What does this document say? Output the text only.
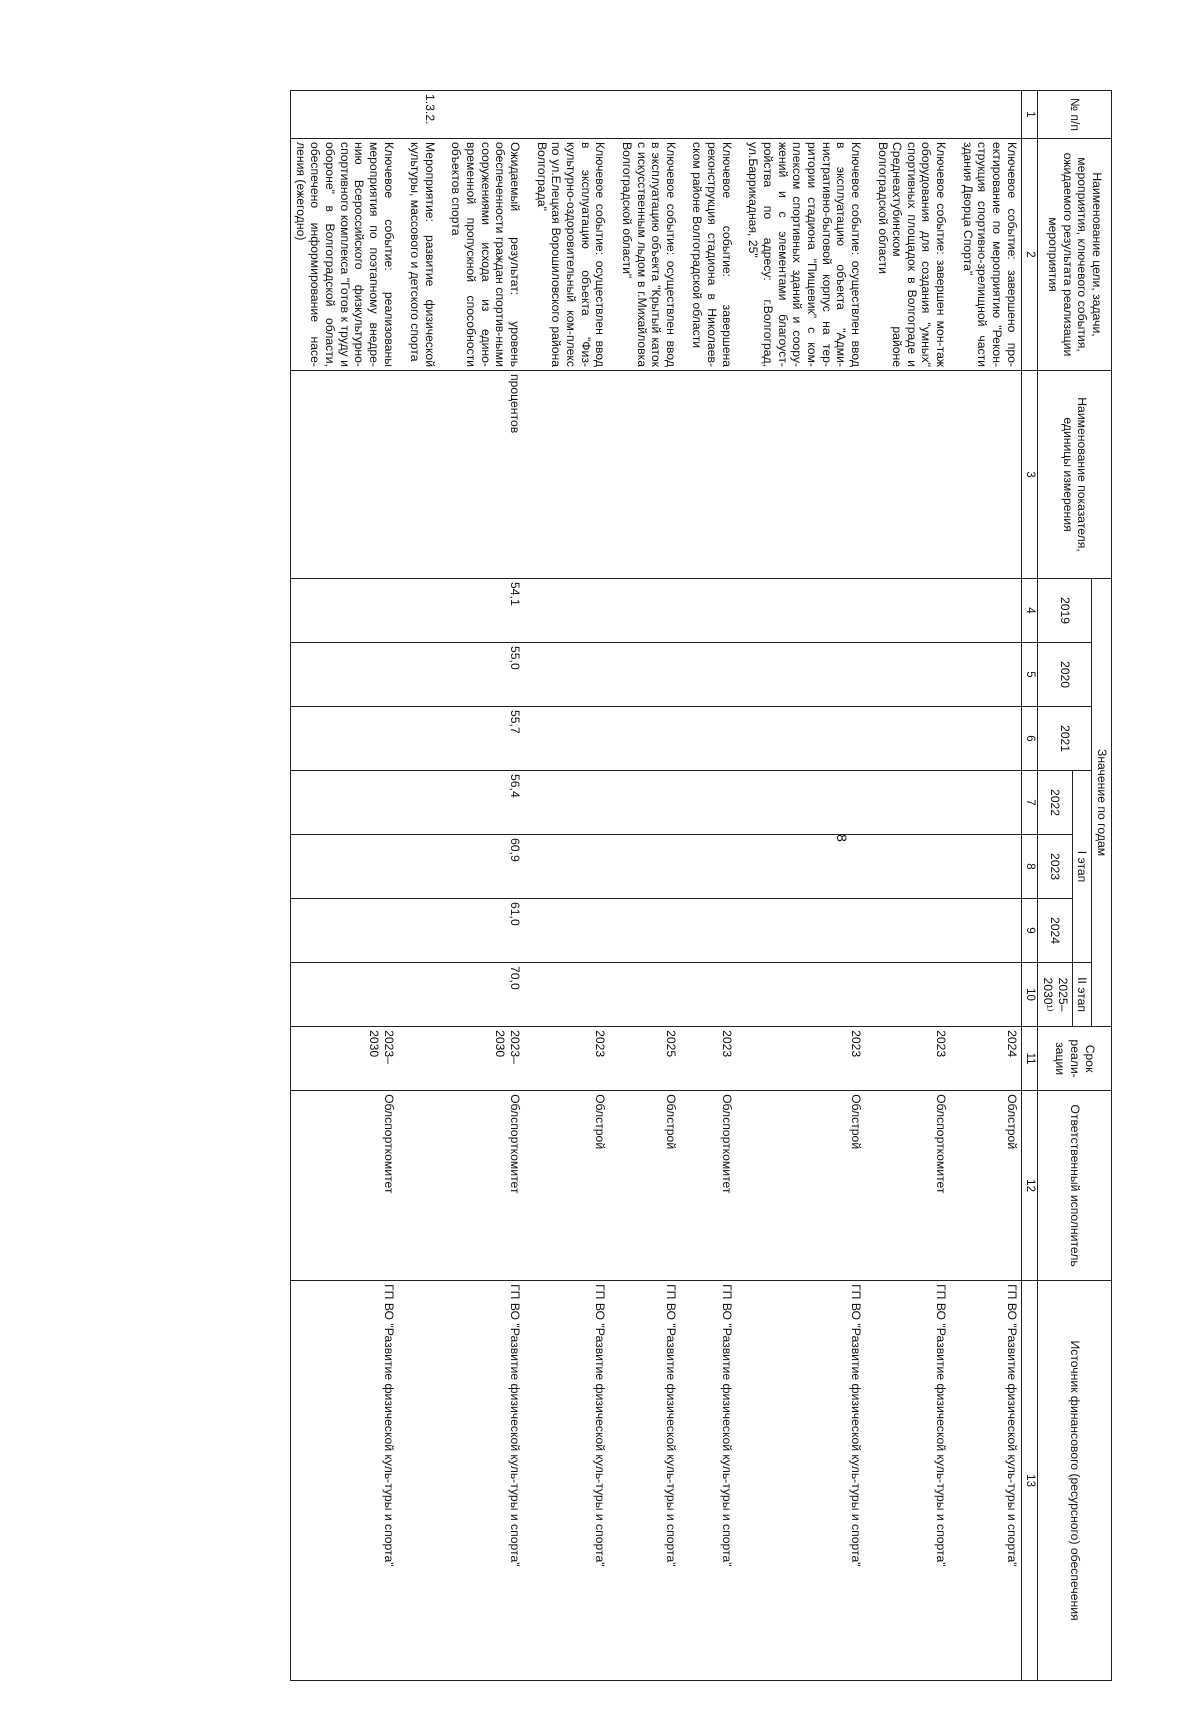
8
№ п/п	Наименование цели, задачи, мероприятия, ключевого события, ожидаемого результата реализации мероприятия	Наименование показателя, единицы измерения	Значение по годам							Срок реали-зации	Ответственный исполнитель	Источник финансового (ресурсного) обеспечения
			2019	2020	2021	I этап			II этап			
						2022	2023	2024	2025–2030¹⁾			

1	2	3	4	5	6	7	8	9	10	11	12	13
	Ключевое событие: завершено про-ектирование по мероприятию "Рекон-струкция спортивно-зрелищной части здания Дворца Спорта"									2024	Облстрой	ГП ВО "Развитие физической куль-туры и спорта"
	Ключевое событие: завершен мон-таж оборудования для создания "умных" спортивных площадок в Волгограде и Среднеахтубинском районе Волгоградской области									2023	Облспорткомитет	ГП ВО "Развитие физической куль-туры и спорта"
	Ключевое событие: осуществлен ввод в эксплуатацию объекта "Адми-нистративно-бытовой корпус на тер-ритории стадиона "Пищевик" с ком-плексом спортивных зданий и соору-жений и с элементами благоуст-ройства по адресу: г.Волгоград, ул.Баррикадная, 25"									2023	Облстрой	ГП ВО "Развитие физической куль-туры и спорта"
	Ключевое событие: завершена реконструкция стадиона в Николаев-ском районе Волгоградской области									2023	Облспорткомитет	ГП ВО "Развитие физической куль-туры и спорта"
	Ключевое событие: осуществлен ввод в эксплуатацию объекта "Крытый каток с искусственным льдом в г.Михайловка Волгоградской области"									2025	Облстрой	ГП ВО "Развитие физической куль-туры и спорта"
	Ключевое событие: осуществлен ввод в эксплуатацию объекта "Физ-культурно-оздоровительный ком-плекс по ул.Елецкая Ворошиловского района Волгограда"									2023	Облстрой	ГП ВО "Развитие физической куль-туры и спорта"
	Ожидаемый результат: уровень обеспеченности граждан спортив-ными сооружениями исхода из едино-временной пропускной способности объектов спорта	процентов	54,1	55,0	55,7	56,4	60,9	61,0	70,0	2023–2030	Облспорткомитет	ГП ВО "Развитие физической куль-туры и спорта"
1.3.2.	Мероприятие: развитие физической культуры, массового и детского спорта											
	Ключевое событие: реализованы мероприятия по поэтапному внедре-нию Всероссийского физкультурно-спортивного комплекса "Готов к труду и обороне" в Волгоградской области, обеспечено информирование насе-ления (ежегодно)									2023–2030	Облспорткомитет	ГП ВО "Развитие физической куль-туры и спорта"
